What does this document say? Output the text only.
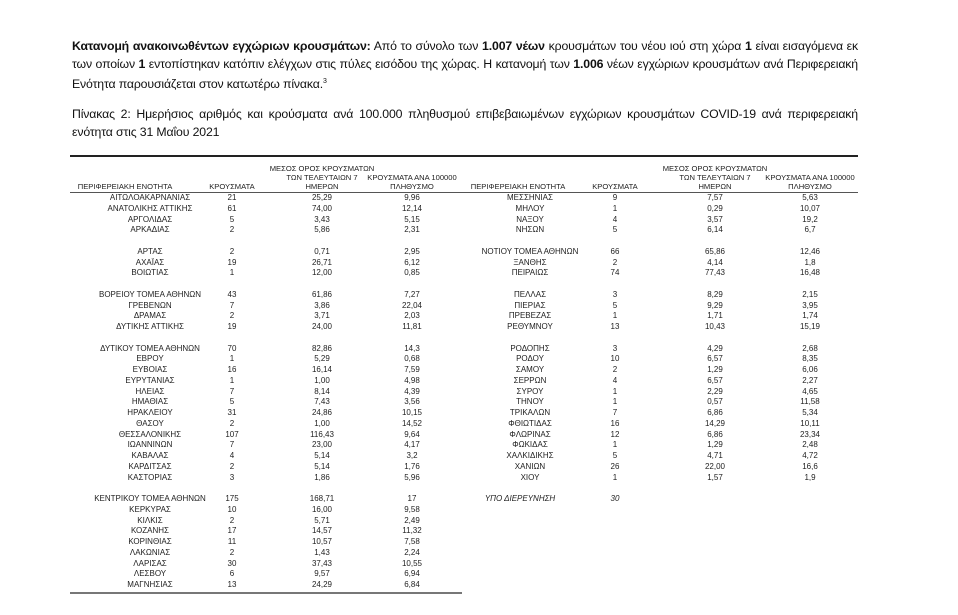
Κατανομή ανακοινωθέντων εγχώριων κρουσμάτων: Από το σύνολο των 1.007 νέων κρουσμάτων του νέου ιού στη χώρα 1 είναι εισαγόμενα εκ των οποίων 1 εντοπίστηκαν κατόπιν ελέγχων στις πύλες εισόδου της χώρας. Η κατανομή των 1.006 νέων εγχώριων κρουσμάτων ανά Περιφερειακή Ενότητα παρουσιάζεται στον κατωτέρω πίνακα.$^3$
Πίνακας 2: Ημερήσιος αριθμός και κρούσματα ανά 100.000 πληθυσμού επιβεβαιωμένων εγχώριων κρουσμάτων COVID-19 ανά περιφερειακή ενότητα στις 31 Μαΐου 2021
ΠΕΡΙΦΕΡΕΙΑΚΗ ΕΝΟΤΗΤΑ	ΚΡΟΥΣΜΑΤΑ
ΜΕΣΟΣ ΟΡΟΣ ΚΡΟΥΣΜΑΤΩΝ
ΤΩΝ ΤΕΛΕΥΤΑΙΩΝ 7
ΗΜΕΡΩΝ
ΚΡΟΥΣΜΑΤΑ ΑΝΑ 100000
ΠΛΗΘΥΣΜΟ
ΑΙΤΩΛΟΑΚΑΡΝΑΝΙΑΣ	21	25,29	9,96
ΑΝΑΤΟΛΙΚΗΣ ΑΤΤΙΚΗΣ	61	74,00	12,14
ΑΡΓΟΛΙΔΑΣ	5	3,43	5,15
ΑΡΚΑΔΙΑΣ	2	5,86	2,31
ΑΡΤΑΣ	2	0,71	2,95
ΑΧΑΪΑΣ	19	26,71	6,12
ΒΟΙΩΤΙΑΣ	1	12,00	0,85
ΒΟΡΕΙΟΥ ΤΟΜΕΑ ΑΘΗΝΩΝ	43	61,86	7,27
ΓΡΕΒΕΝΩΝ	7	3,86	22,04
ΔΡΑΜΑΣ	2	3,71	2,03
ΔΥΤΙΚΗΣ ΑΤΤΙΚΗΣ	19	24,00	11,81
ΔΥΤΙΚΟΥ ΤΟΜΕΑ ΑΘΗΝΩΝ	70	82,86	14,3
ΕΒΡΟΥ	1	5,29	0,68
ΕΥΒΟΙΑΣ	16	16,14	7,59
ΕΥΡΥΤΑΝΙΑΣ	1	1,00	4,98
ΗΛΕΙΑΣ	7	8,14	4,39
ΗΜΑΘΙΑΣ	5	7,43	3,56
ΗΡΑΚΛΕΙΟΥ	31	24,86	10,15
ΘΑΣΟΥ	2	1,00	14,52
ΘΕΣΣΑΛΟΝΙΚΗΣ	107	116,43	9,64
ΙΩΑΝΝΙΝΩΝ	7	23,00	4,17
ΚΑΒΑΛΑΣ	4	5,14	3,2
ΚΑΡΔΙΤΣΑΣ	2	5,14	1,76
ΚΑΣΤΟΡΙΑΣ	3	1,86	5,96
ΚΕΝΤΡΙΚΟΥ ΤΟΜΕΑ ΑΘΗΝΩΝ	175	168,71	17
ΚΕΡΚΥΡΑΣ	10	16,00	9,58
ΚΙΛΚΙΣ	2	5,71	2,49
ΚΟΖΑΝΗΣ	17	14,57	11,32
ΚΟΡΙΝΘΙΑΣ	11	10,57	7,58
ΛΑΚΩΝΙΑΣ	2	1,43	2,24
ΛΑΡΙΣΑΣ	30	37,43	10,55
ΛΕΣΒΟΥ	6	9,57	6,94
ΜΑΓΝΗΣΙΑΣ	13	24,29	6,84
ΠΕΡΙΦΕΡΕΙΑΚΗ ΕΝΟΤΗΤΑ	ΚΡΟΥΣΜΑΤΑ
ΜΕΣΟΣ ΟΡΟΣ ΚΡΟΥΣΜΑΤΩΝ
ΤΩΝ ΤΕΛΕΥΤΑΙΩΝ 7
ΗΜΕΡΩΝ
ΚΡΟΥΣΜΑΤΑ ΑΝΑ 100000
ΠΛΗΘΥΣΜΟ
ΜΕΣΣΗΝΙΑΣ	9	7,57	5,63
ΜΗΛΟΥ	1	0,29	10,07
ΝΑΞΟΥ	4	3,57	19,2
ΝΗΣΩΝ	5	6,14	6,7
ΝΟΤΙΟΥ ΤΟΜΕΑ ΑΘΗΝΩΝ	66	65,86	12,46
ΞΑΝΘΗΣ	2	4,14	1,8
ΠΕΙΡΑΙΩΣ	74	77,43	16,48
ΠΕΛΛΑΣ	3	8,29	2,15
ΠΙΕΡΙΑΣ	5	9,29	3,95
ΠΡΕΒΕΖΑΣ	1	1,71	1,74
ΡΕΘΥΜΝΟΥ	13	10,43	15,19
ΡΟΔΟΠΗΣ	3	4,29	2,68
ΡΟΔΟΥ	10	6,57	8,35
ΣΑΜΟΥ	2	1,29	6,06
ΣΕΡΡΩΝ	4	6,57	2,27
ΣΥΡΟΥ	1	2,29	4,65
ΤΗΝΟΥ	1	0,57	11,58
ΤΡΙΚΑΛΩΝ	7	6,86	5,34
ΦΘΙΩΤΙΔΑΣ	16	14,29	10,11
ΦΛΩΡΙΝΑΣ	12	6,86	23,34
ΦΩΚΙΔΑΣ	1	1,29	2,48
ΧΑΛΚΙΔΙΚΗΣ	5	4,71	4,72
ΧΑΝΙΩΝ	26	22,00	16,6
ΧΙΟΥ	1	1,57	1,9
ΥΠΟ ΔΙΕΡΕΥΝΗΣΗ	30
